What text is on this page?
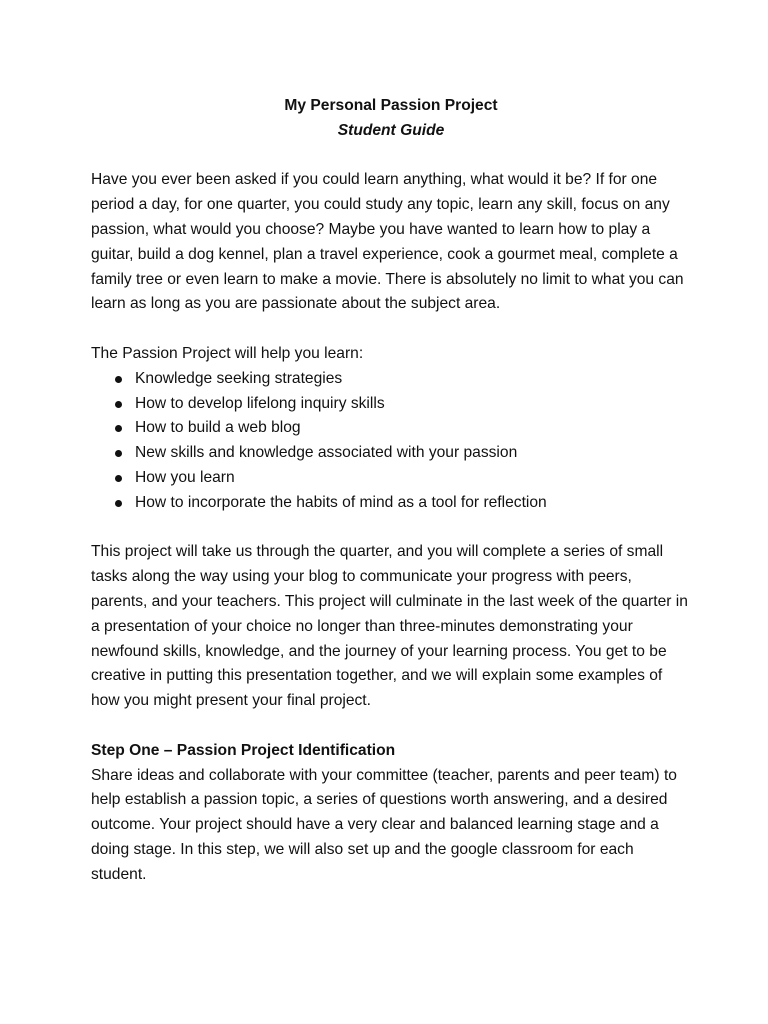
My Personal Passion Project

Student Guide

Have you ever been asked if you could learn anything, what would it be? If for one period a day, for one quarter, you could study any topic, learn any skill, focus on any passion, what would you choose? Maybe you have wanted to learn how to play a guitar, build a dog kennel, plan a travel experience, cook a gourmet meal, complete a family tree or even learn to make a movie. There is absolutely no limit to what you can learn as long as you are passionate about the subject area.

The Passion Project will help you learn:

Knowledge seeking strategies
How to develop lifelong inquiry skills
How to build a web blog
New skills and knowledge associated with your passion
How you learn
How to incorporate the habits of mind as a tool for reflection

This project will take us through the quarter, and you will complete a series of small tasks along the way using your blog to communicate your progress with peers, parents, and your teachers. This project will culminate in the last week of the quarter in a presentation of your choice no longer than three-minutes demonstrating your newfound skills, knowledge, and the journey of your learning process. You get to be creative in putting this presentation together, and we will explain some examples of how you might present your final project.

Step One – Passion Project Identification

Share ideas and collaborate with your committee (teacher, parents and peer team) to help establish a passion topic, a series of questions worth answering, and a desired outcome. Your project should have a very clear and balanced learning stage and a doing stage. In this step, we will also set up and the google classroom for each student.
